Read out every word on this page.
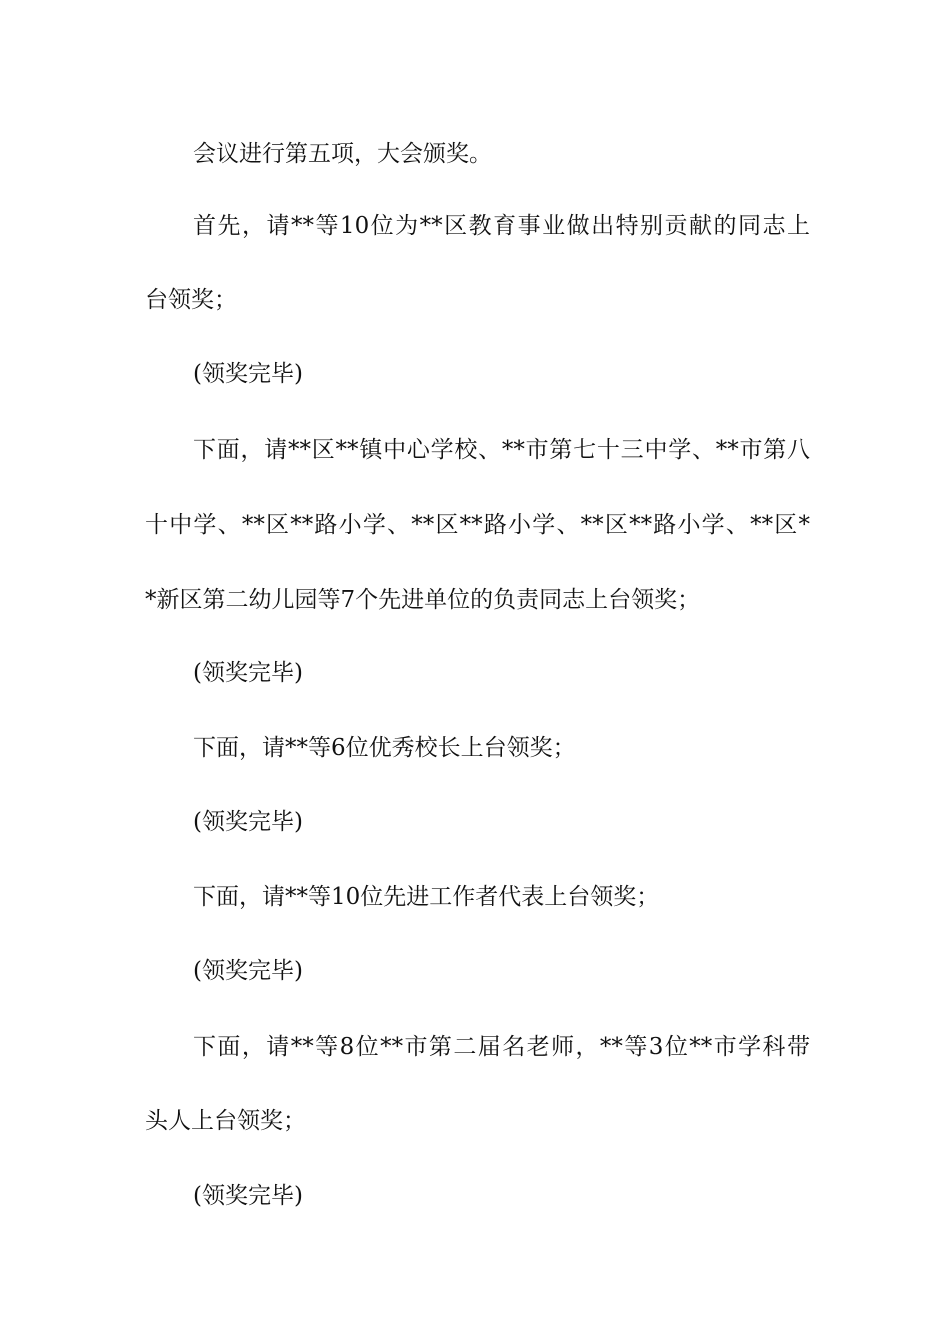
会议进行第五项，大会颁奖。
首先，请**等10位为**区教育事业做出特别贡献的同志上
台领奖；
(领奖完毕)
下面，请**区**镇中心学校、**市第七十三中学、**市第八
十中学、**区**路小学、**区**路小学、**区**路小学、**区*
*新区第二幼儿园等7个先进单位的负责同志上台领奖；
(领奖完毕)
下面，请**等6位优秀校长上台领奖；
(领奖完毕)
下面，请**等10位先进工作者代表上台领奖；
(领奖完毕)
下面，请**等8位**市第二届名老师，**等3位**市学科带
头人上台领奖；
(领奖完毕)
